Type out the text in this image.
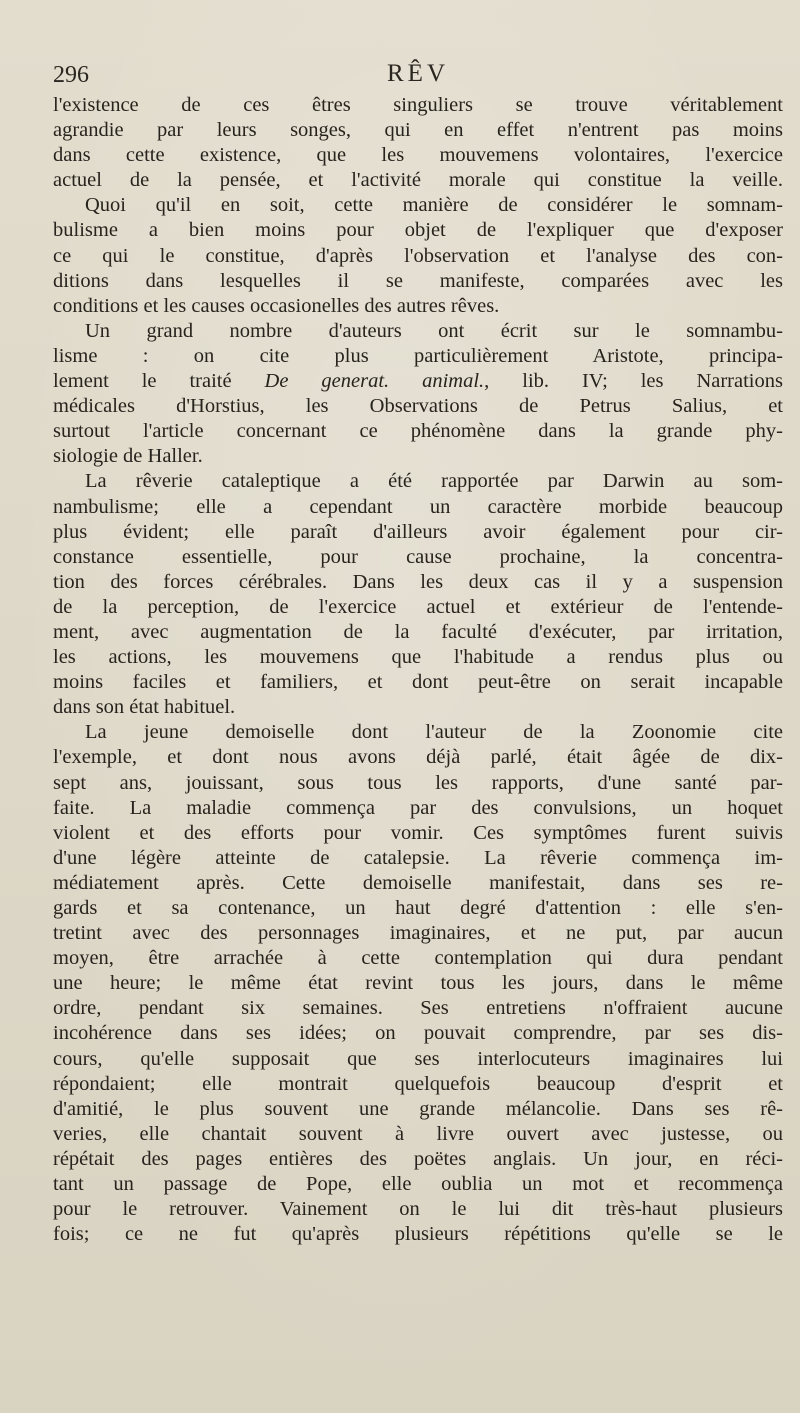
296	RÊV

l'existence de ces êtres singuliers se trouve véritablement
agrandie par leurs songes, qui en effet n'entrent pas moins
dans cette existence, que les mouvemens volontaires, l'exercice
actuel de la pensée, et l'activité morale qui constitue la veille.

Quoi qu'il en soit, cette manière de considérer le somnam-
bulisme a bien moins pour objet de l'expliquer que d'exposer
ce qui le constitue, d'après l'observation et l'analyse des con-
ditions dans lesquelles il se manifeste, comparées avec les
conditions et les causes occasionelles des autres rêves.

Un grand nombre d'auteurs ont écrit sur le somnambu-
lisme : on cite plus particulièrement Aristote, principa-
lement le traité De generat. animal., lib. IV; les Narrations
médicales d'Horstius, les Observations de Petrus Salius, et
surtout l'article concernant ce phénomène dans la grande phy-
siologie de Haller.

La rêverie cataleptique a été rapportée par Darwin au som-
nambulisme; elle a cependant un caractère morbide beaucoup
plus évident; elle paraît d'ailleurs avoir également pour cir-
constance essentielle, pour cause prochaine, la concentra-
tion des forces cérébrales. Dans les deux cas il y a suspension
de la perception, de l'exercice actuel et extérieur de l'entende-
ment, avec augmentation de la faculté d'exécuter, par irritation,
les actions, les mouvemens que l'habitude a rendus plus ou
moins faciles et familiers, et dont peut-être on serait incapable
dans son état habituel.

La jeune demoiselle dont l'auteur de la Zoonomie cite
l'exemple, et dont nous avons déjà parlé, était âgée de dix-
sept ans, jouissant, sous tous les rapports, d'une santé par-
faite. La maladie commença par des convulsions, un hoquet
violent et des efforts pour vomir. Ces symptômes furent suivis
d'une légère atteinte de catalepsie. La rêverie commença im-
médiatement après. Cette demoiselle manifestait, dans ses re-
gards et sa contenance, un haut degré d'attention : elle s'en-
tretint avec des personnages imaginaires, et ne put, par aucun
moyen, être arrachée à cette contemplation qui dura pendant
une heure; le même état revint tous les jours, dans le même
ordre, pendant six semaines. Ses entretiens n'offraient aucune
incohérence dans ses idées; on pouvait comprendre, par ses dis-
cours, qu'elle supposait que ses interlocuteurs imaginaires lui
répondaient; elle montrait quelquefois beaucoup d'esprit et
d'amitié, le plus souvent une grande mélancolie. Dans ses rê-
veries, elle chantait souvent à livre ouvert avec justesse, ou
répétait des pages entières des poëtes anglais. Un jour, en réci-
tant un passage de Pope, elle oublia un mot et recommença
pour le retrouver. Vainement on le lui dit très-haut plusieurs
fois; ce ne fut qu'après plusieurs répétitions qu'elle se le
